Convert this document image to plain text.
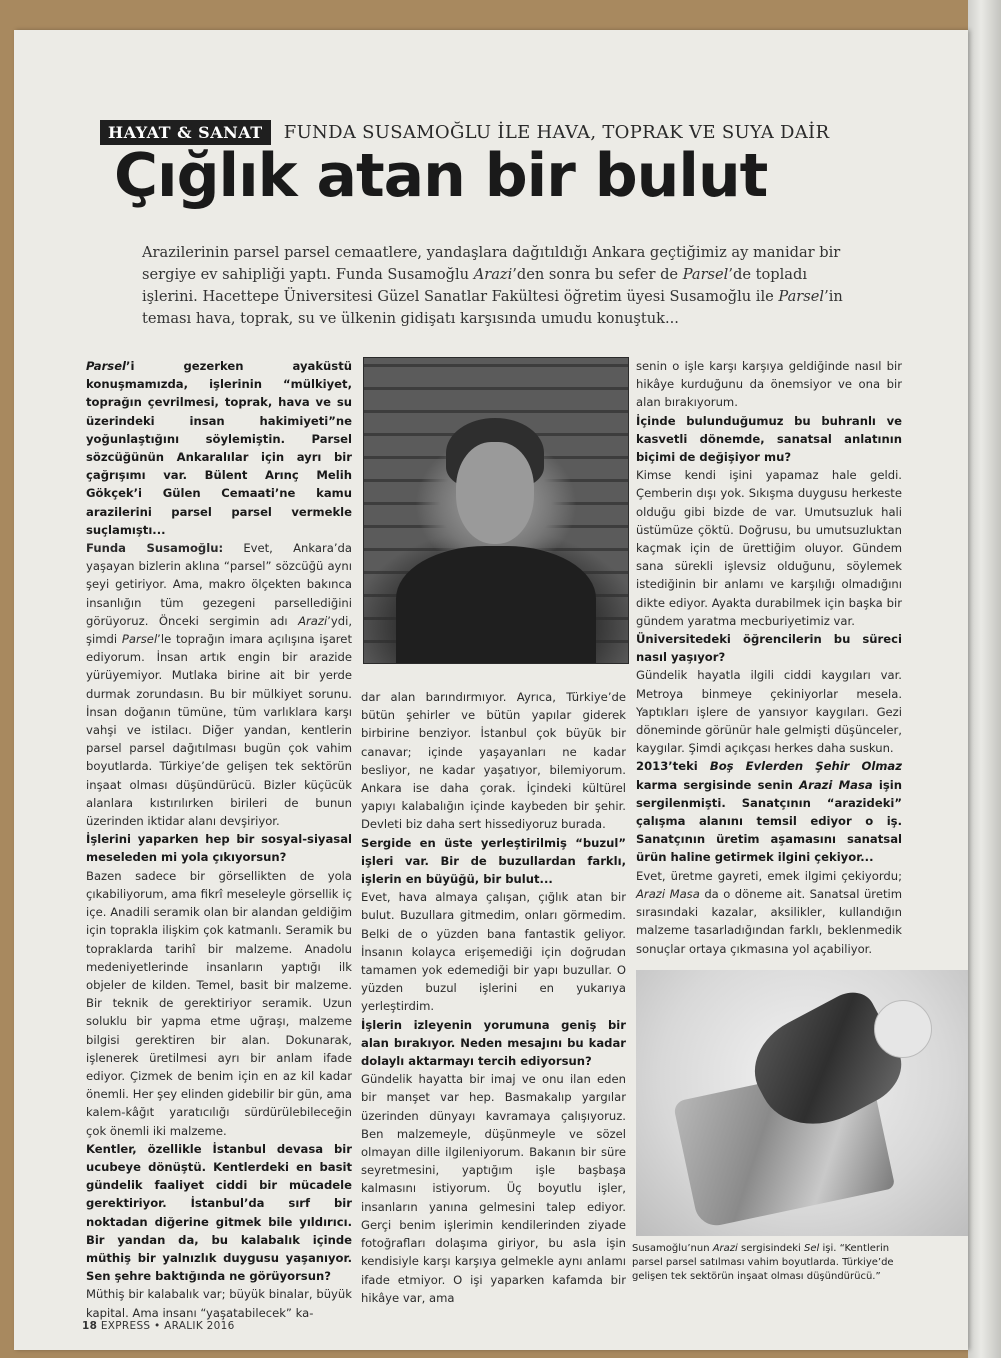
HAYAT & SANAT FUNDA SUSAMOĞLU İLE HAVA, TOPRAK VE SUYA DAİR
Çığlık atan bir bulut

Arazilerinin parsel parsel cemaatlere, yandaşlara dağıtıldığı Ankara geçtiğimiz ay manidar bir sergiye ev sahipliği yaptı. Funda Susamoğlu Arazi’den sonra bu sefer de Parsel’de topladı işlerini. Hacettepe Üniversitesi Güzel Sanatlar Fakültesi öğretim üyesi Susamoğlu ile Parsel’in teması hava, toprak, su ve ülkenin gidişatı karşısında umudu konuştuk...

Parsel’i gezerken ayaküstü konuşmamızda, işlerinin “mülkiyet, toprağın çevrilmesi, toprak, hava ve su üzerindeki insan hakimiyeti”ne yoğunlaştığını söylemiştin. Parsel sözcüğünün Ankaralılar için ayrı bir çağrışımı var. Bülent Arınç Melih Gökçek’i Gülen Cemaati’ne kamu arazilerini parsel parsel vermekle suçlamıştı...

Funda Susamoğlu: Evet, Ankara’da yaşayan bizlerin aklına “parsel” sözcüğü aynı şeyi getiriyor. Ama, makro ölçekten bakınca insanlığın tüm gezegeni parsellediğini görüyoruz. Önceki sergimin adı Arazi’ydi, şimdi Parsel’le toprağın imara açılışına işaret ediyorum. İnsan artık engin bir arazide yürüyemiyor. Mutlaka birine ait bir yerde durmak zorundasın. Bu bir mülkiyet sorunu. İnsan doğanın tümüne, tüm varlıklara karşı vahşi ve istilacı. Diğer yandan, kentlerin parsel parsel dağıtılması bugün çok vahim boyutlarda. Türkiye’de gelişen tek sektörün inşaat olması düşündürücü. Bizler küçücük alanlara kıstırılırken birileri de bunun üzerinden iktidar alanı devşiriyor.

İşlerini yaparken hep bir sosyal-siyasal meseleden mi yola çıkıyorsun?

Bazen sadece bir görsellikten de yola çıkabiliyorum, ama fikrî meseleyle görsellik iç içe. Anadili seramik olan bir alandan geldiğim için toprakla ilişkim çok katmanlı. Seramik bu topraklarda tarihî bir malzeme. Anadolu medeniyetlerinde insanların yaptığı ilk objeler de kilden. Temel, basit bir malzeme. Bir teknik de gerektiriyor seramik. Uzun soluklu bir yapma etme uğraşı, malzeme bilgisi gerektiren bir alan. Dokunarak, işlenerek üretilmesi ayrı bir anlam ifade ediyor. Çizmek de benim için en az kil kadar önemli. Her şey elinden gidebilir bir gün, ama kalem-kâğıt yaratıcılığı sürdürülebileceğin çok önemli iki malzeme.

Kentler, özellikle İstanbul devasa bir ucubeye dönüştü. Kentlerdeki en basit gündelik faaliyet ciddi bir mücadele gerektiriyor. İstanbul’da sırf bir noktadan diğerine gitmek bile yıldırıcı. Bir yandan da, bu kalabalık içinde müthiş bir yalnızlık duygusu yaşanıyor. Sen şehre baktığında ne görüyorsun?

Müthiş bir kalabalık var; büyük binalar, büyük kapital. Ama insanı “yaşatabilecek” ka-

dar alan barındırmıyor. Ayrıca, Türkiye’de bütün şehirler ve bütün yapılar giderek birbirine benziyor. İstanbul çok büyük bir canavar; içinde yaşayanları ne kadar besliyor, ne kadar yaşatıyor, bilemiyorum. Ankara ise daha çorak. İçindeki kültürel yapıyı kalabalığın içinde kaybeden bir şehir. Devleti biz daha sert hissediyoruz burada.

Sergide en üste yerleştirilmiş “buzul” işleri var. Bir de buzullardan farklı, işlerin en büyüğü, bir bulut...

Evet, hava almaya çalışan, çığlık atan bir bulut. Buzullara gitmedim, onları görmedim. Belki de o yüzden bana fantastik geliyor. İnsanın kolayca erişemediği için doğrudan tamamen yok edemediği bir yapı buzullar. O yüzden buzul işlerini en yukarıya yerleştirdim.

İşlerin izleyenin yorumuna geniş bir alan bırakıyor. Neden mesajını bu kadar dolaylı aktarmayı tercih ediyorsun?

Gündelik hayatta bir imaj ve onu ilan eden bir manşet var hep. Basmakalıp yargılar üzerinden dünyayı kavramaya çalışıyoruz. Ben malzemeyle, düşünmeyle ve sözel olmayan dille ilgileniyorum. Bakanın bir süre seyretmesini, yaptığım işle başbaşa kalmasını istiyorum. Üç boyutlu işler, insanların yanına gelmesini talep ediyor. Gerçi benim işlerimin kendilerinden ziyade fotoğrafları dolaşıma giriyor, bu asla işin kendisiyle karşı karşıya gelmekle aynı anlamı ifade etmiyor. O işi yaparken kafamda bir hikâye var, ama

senin o işle karşı karşıya geldiğinde nasıl bir hikâye kurduğunu da önemsiyor ve ona bir alan bırakıyorum.

İçinde bulunduğumuz bu buhranlı ve kasvetli dönemde, sanatsal anlatının biçimi de değişiyor mu?

Kimse kendi işini yapamaz hale geldi. Çemberin dışı yok. Sıkışma duygusu herkeste olduğu gibi bizde de var. Umutsuzluk hali üstümüze çöktü. Doğrusu, bu umutsuzluktan kaçmak için de ürettiğim oluyor. Gündem sana sürekli işlevsiz olduğunu, söylemek istediğinin bir anlamı ve karşılığı olmadığını dikte ediyor. Ayakta durabilmek için başka bir gündem yaratma mecburiyetimiz var.

Üniversitedeki öğrencilerin bu süreci nasıl yaşıyor?

Gündelik hayatla ilgili ciddi kaygıları var. Metroya binmeye çekiniyorlar mesela. Yaptıkları işlere de yansıyor kaygıları. Gezi döneminde görünür hale gelmişti düşünceler, kaygılar. Şimdi açıkçası herkes daha suskun.

2013’teki Boş Evlerden Şehir Olmaz karma sergisinde senin Arazi Masa işin sergilenmişti. Sanatçının “arazideki” çalışma alanını temsil ediyor o iş. Sanatçının üretim aşamasını sanatsal ürün haline getirmek ilgini çekiyor...

Evet, üretme gayreti, emek ilgimi çekiyordu; Arazi Masa da o döneme ait. Sanatsal üretim sırasındaki kazalar, aksilikler, kullandığın malzeme tasarladığından farklı, beklenmedik sonuçlar ortaya çıkmasına yol açabiliyor.

Susamoğlu’nun Arazi sergisindeki Sel işi. “Kentlerin parsel parsel satılması vahim boyutlarda. Türkiye’de gelişen tek sektörün inşaat olması düşündürücü.”

18 EXPRESS • ARALIK 2016
